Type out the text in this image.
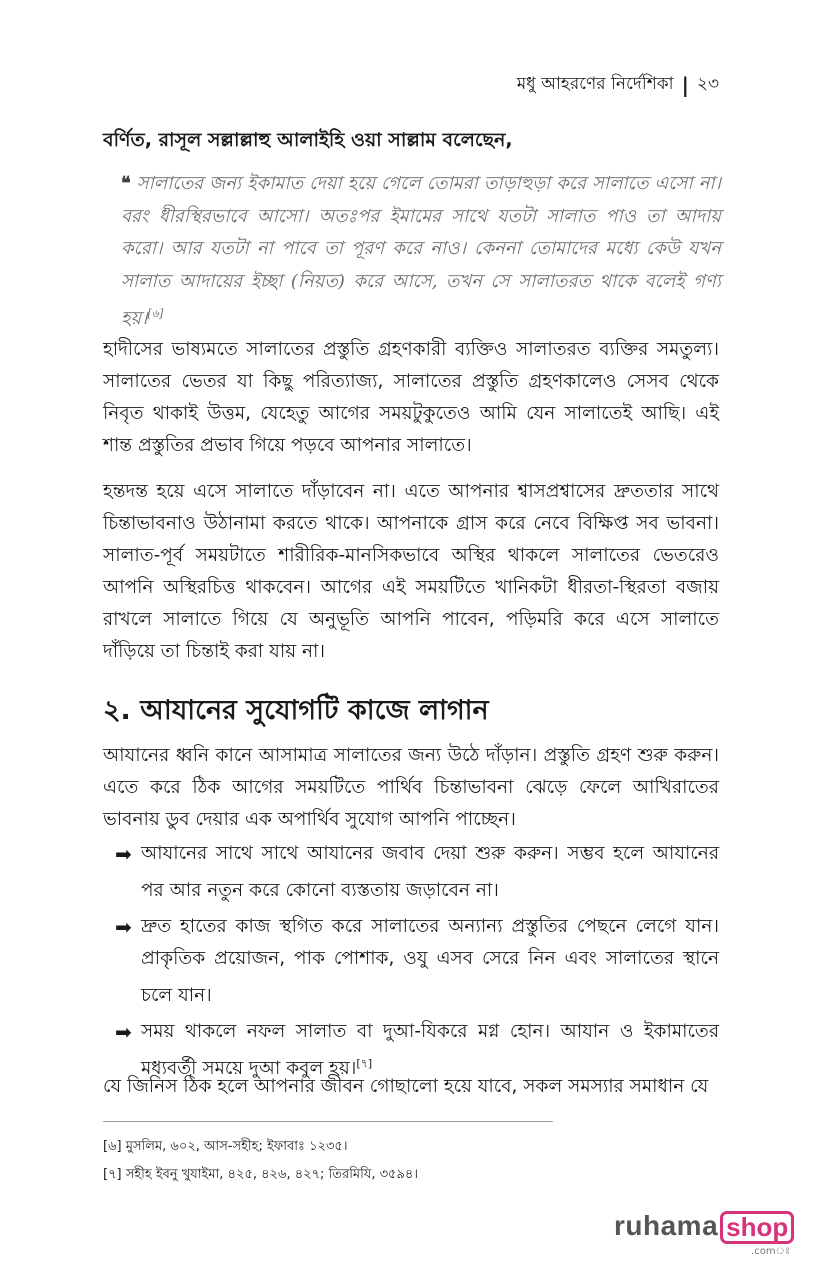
মধু আহরণের নির্দেশিকা | ২৩
বর্ণিত, রাসূল সল্লাল্লাহু আলাইহি ওয়া সাল্লাম বলেছেন,
❝ সালাতের জন্য ইকামাত দেয়া হয়ে গেলে তোমরা তাড়াহুড়া করে সালাতে এসো না। বরং ধীরস্থিরভাবে আসো। অতঃপর ইমামের সাথে যতটা সালাত পাও তা আদায় করো। আর যতটা না পাবে তা পূরণ করে নাও। কেননা তোমাদের মধ্যে কেউ যখন সালাত আদায়ের ইচ্ছা (নিয়ত) করে আসে, তখন সে সালাতরত থাকে বলেই গণ্য হয়।[৬]
হাদীসের ভাষ্যমতে সালাতের প্রস্তুতি গ্রহণকারী ব্যক্তিও সালাতরত ব্যক্তির সমতুল্য। সালাতের ভেতর যা কিছু পরিত্যাজ্য, সালাতের প্রস্তুতি গ্রহণকালেও সেসব থেকে নিবৃত থাকাই উত্তম, যেহেতু আগের সময়টুকুতেও আমি যেন সালাতেই আছি। এই শান্ত প্রস্তুতির প্রভাব গিয়ে পড়বে আপনার সালাতে।
হন্তদন্ত হয়ে এসে সালাতে দাঁড়াবেন না। এতে আপনার শ্বাসপ্রশ্বাসের দ্রুততার সাথে চিন্তাভাবনাও উঠানামা করতে থাকে। আপনাকে গ্রাস করে নেবে বিক্ষিপ্ত সব ভাবনা। সালাত-পূর্ব সময়টাতে শারীরিক-মানসিকভাবে অস্থির থাকলে সালাতের ভেতরেও আপনি অস্থিরচিত্ত থাকবেন। আগের এই সময়টিতে খানিকটা ধীরতা-স্থিরতা বজায় রাখলে সালাতে গিয়ে যে অনুভূতি আপনি পাবেন, পড়িমরি করে এসে সালাতে দাঁড়িয়ে তা চিন্তাই করা যায় না।
২. আযানের সুযোগটি কাজে লাগান
আযানের ধ্বনি কানে আসামাত্র সালাতের জন্য উঠে দাঁড়ান। প্রস্তুতি গ্রহণ শুরু করুন। এতে করে ঠিক আগের সময়টিতে পার্থিব চিন্তাভাবনা ঝেড়ে ফেলে আখিরাতের ভাবনায় ডুব দেয়ার এক অপার্থিব সুযোগ আপনি পাচ্ছেন।
➡ আযানের সাথে সাথে আযানের জবাব দেয়া শুরু করুন। সম্ভব হলে আযানের পর আর নতুন করে কোনো ব্যস্ততায় জড়াবেন না।
➡ দ্রুত হাতের কাজ স্থগিত করে সালাতের অন্যান্য প্রস্তুতির পেছনে লেগে যান। প্রাকৃতিক প্রয়োজন, পাক পোশাক, ওযু এসব সেরে নিন এবং সালাতের স্থানে চলে যান।
➡ সময় থাকলে নফল সালাত বা দুআ-যিকরে মগ্ন হোন। আযান ও ইকামাতের মধ্যবর্তী সময়ে দুআ কবুল হয়।[৭]
যে জিনিস ঠিক হলে আপনার জীবন গোছালো হয়ে যাবে, সকল সমস্যার সমাধান যে
[৬] মুসলিম, ৬০২, আস-সহীহ; ইফাবাঃ ১২৩৫।
[৭] সহীহ ইবনু খুযাইমা, ৪২৫, ৪২৬, ৪২৭; তিরমিযি, ৩৫৯৪।
ruhama shop
.comঃ
